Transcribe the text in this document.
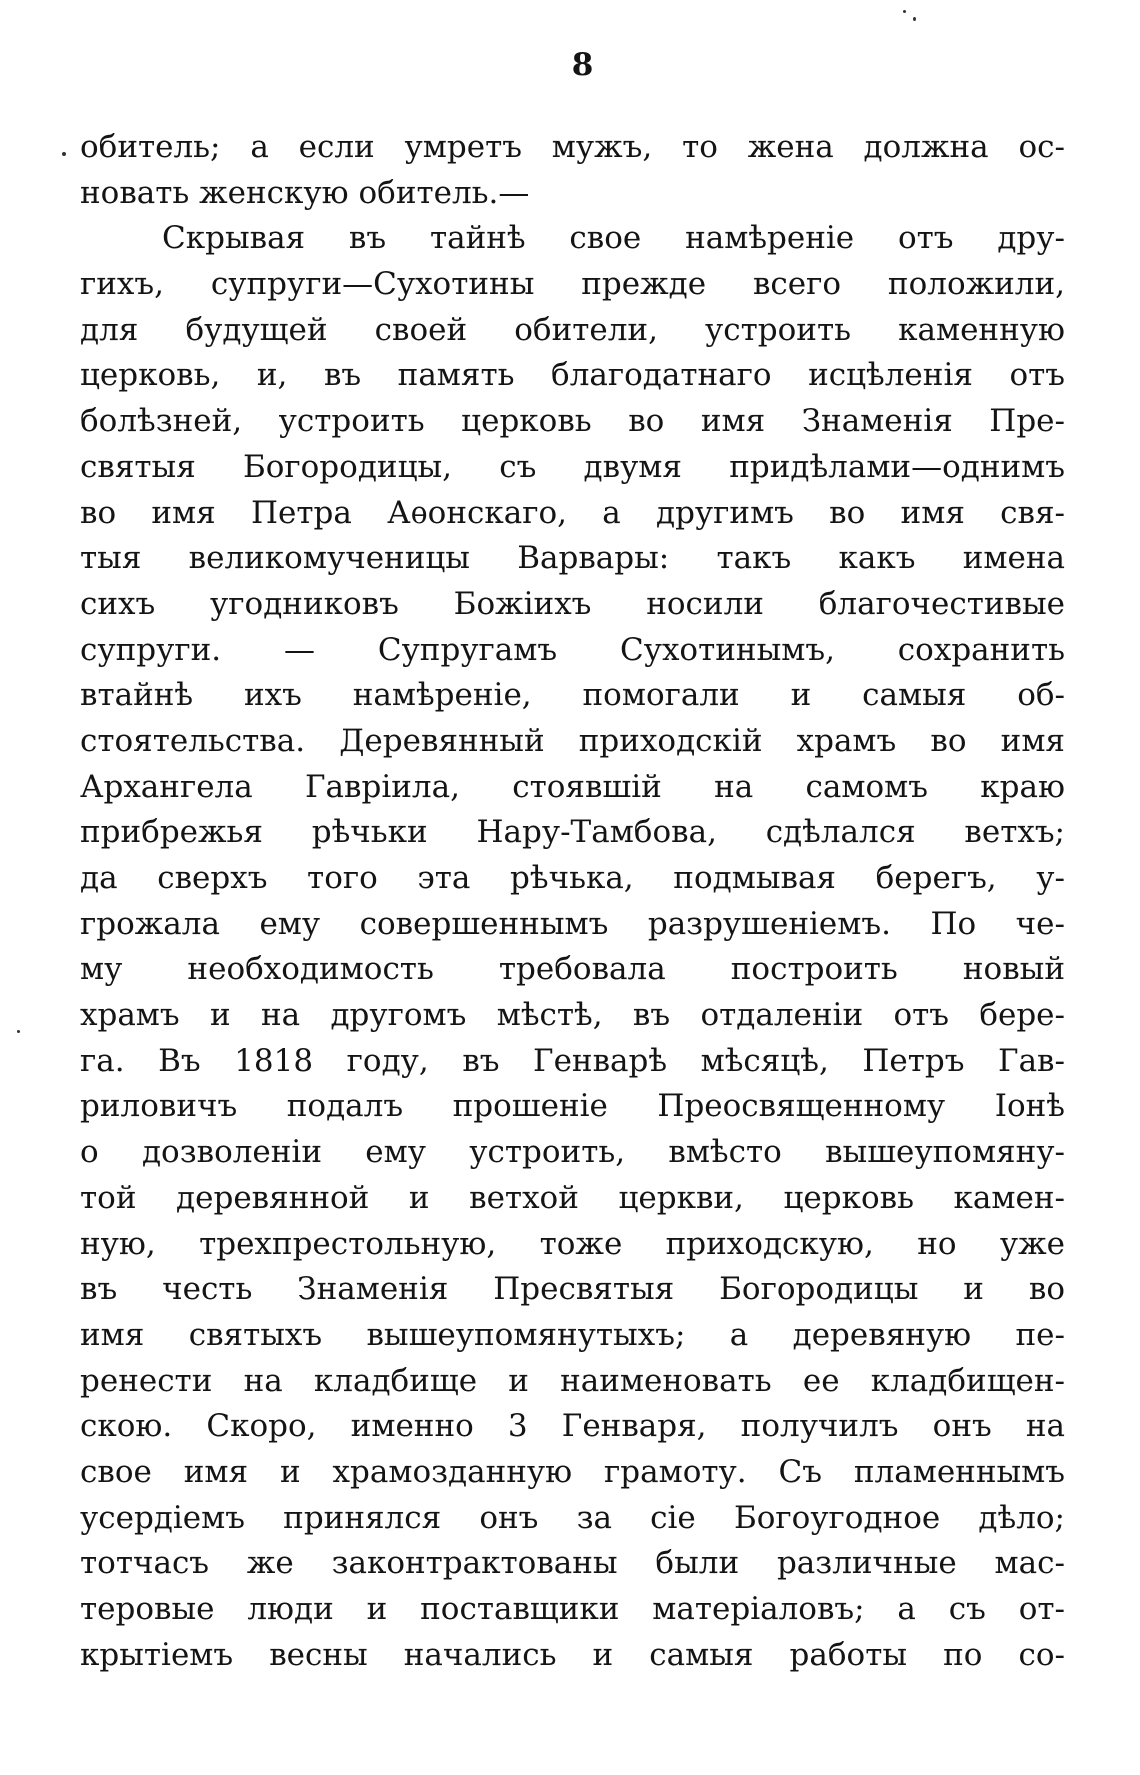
8
обитель; а если умретъ мужъ, то жена должна ос-
новать женскую обитель.—
Скрывая въ тайнѣ свое намѣреніе отъ дру-
гихъ, супруги—Сухотины прежде всего положили,
для будущей своей обители, устроить каменную
церковь, и, въ память благодатнаго исцѣленія отъ
болѣзней, устроить церковь во имя Знаменія Пре-
святыя Богородицы, съ двумя придѣлами—однимъ
во имя Петра Аѳонскаго, а другимъ во имя свя-
тыя великомученицы Варвары: такъ какъ имена
сихъ угодниковъ Божіихъ носили благочестивые
супруги. — Супругамъ Сухотинымъ, сохранить
втайнѣ ихъ намѣреніе, помогали и самыя об-
стоятельства. Деревянный приходскій храмъ во имя
Архангела Гавріила, стоявшій на самомъ краю
прибрежья рѣчьки Нару-Тамбова, сдѣлался ветхъ;
да сверхъ того эта рѣчька, подмывая берегъ, у-
грожала ему совершеннымъ разрушеніемъ. По че-
му необходимость требовала построить новый
храмъ и на другомъ мѣстѣ, въ отдаленіи отъ бере-
га. Въ 1818 году, въ Генварѣ мѣсяцѣ, Петръ Гав-
риловичъ подалъ прошеніе Преосвященному Іонѣ
о дозволеніи ему устроить, вмѣсто вышеупомяну-
той деревянной и ветхой церкви, церковь камен-
ную, трехпрестольную, тоже приходскую, но уже
въ честь Знаменія Пресвятыя Богородицы и во
имя святыхъ вышеупомянутыхъ; а деревяную пе-
ренести на кладбище и наименовать ее кладбищен-
скою. Скоро, именно 3 Генваря, получилъ онъ на
свое имя и храмозданную грамоту. Съ пламеннымъ
усердіемъ принялся онъ за сіе Богоугодное дѣло;
тотчасъ же законтрактованы были различные мас-
теровые люди и поставщики матеріаловъ; а съ от-
крытіемъ весны начались и самыя работы по со-
